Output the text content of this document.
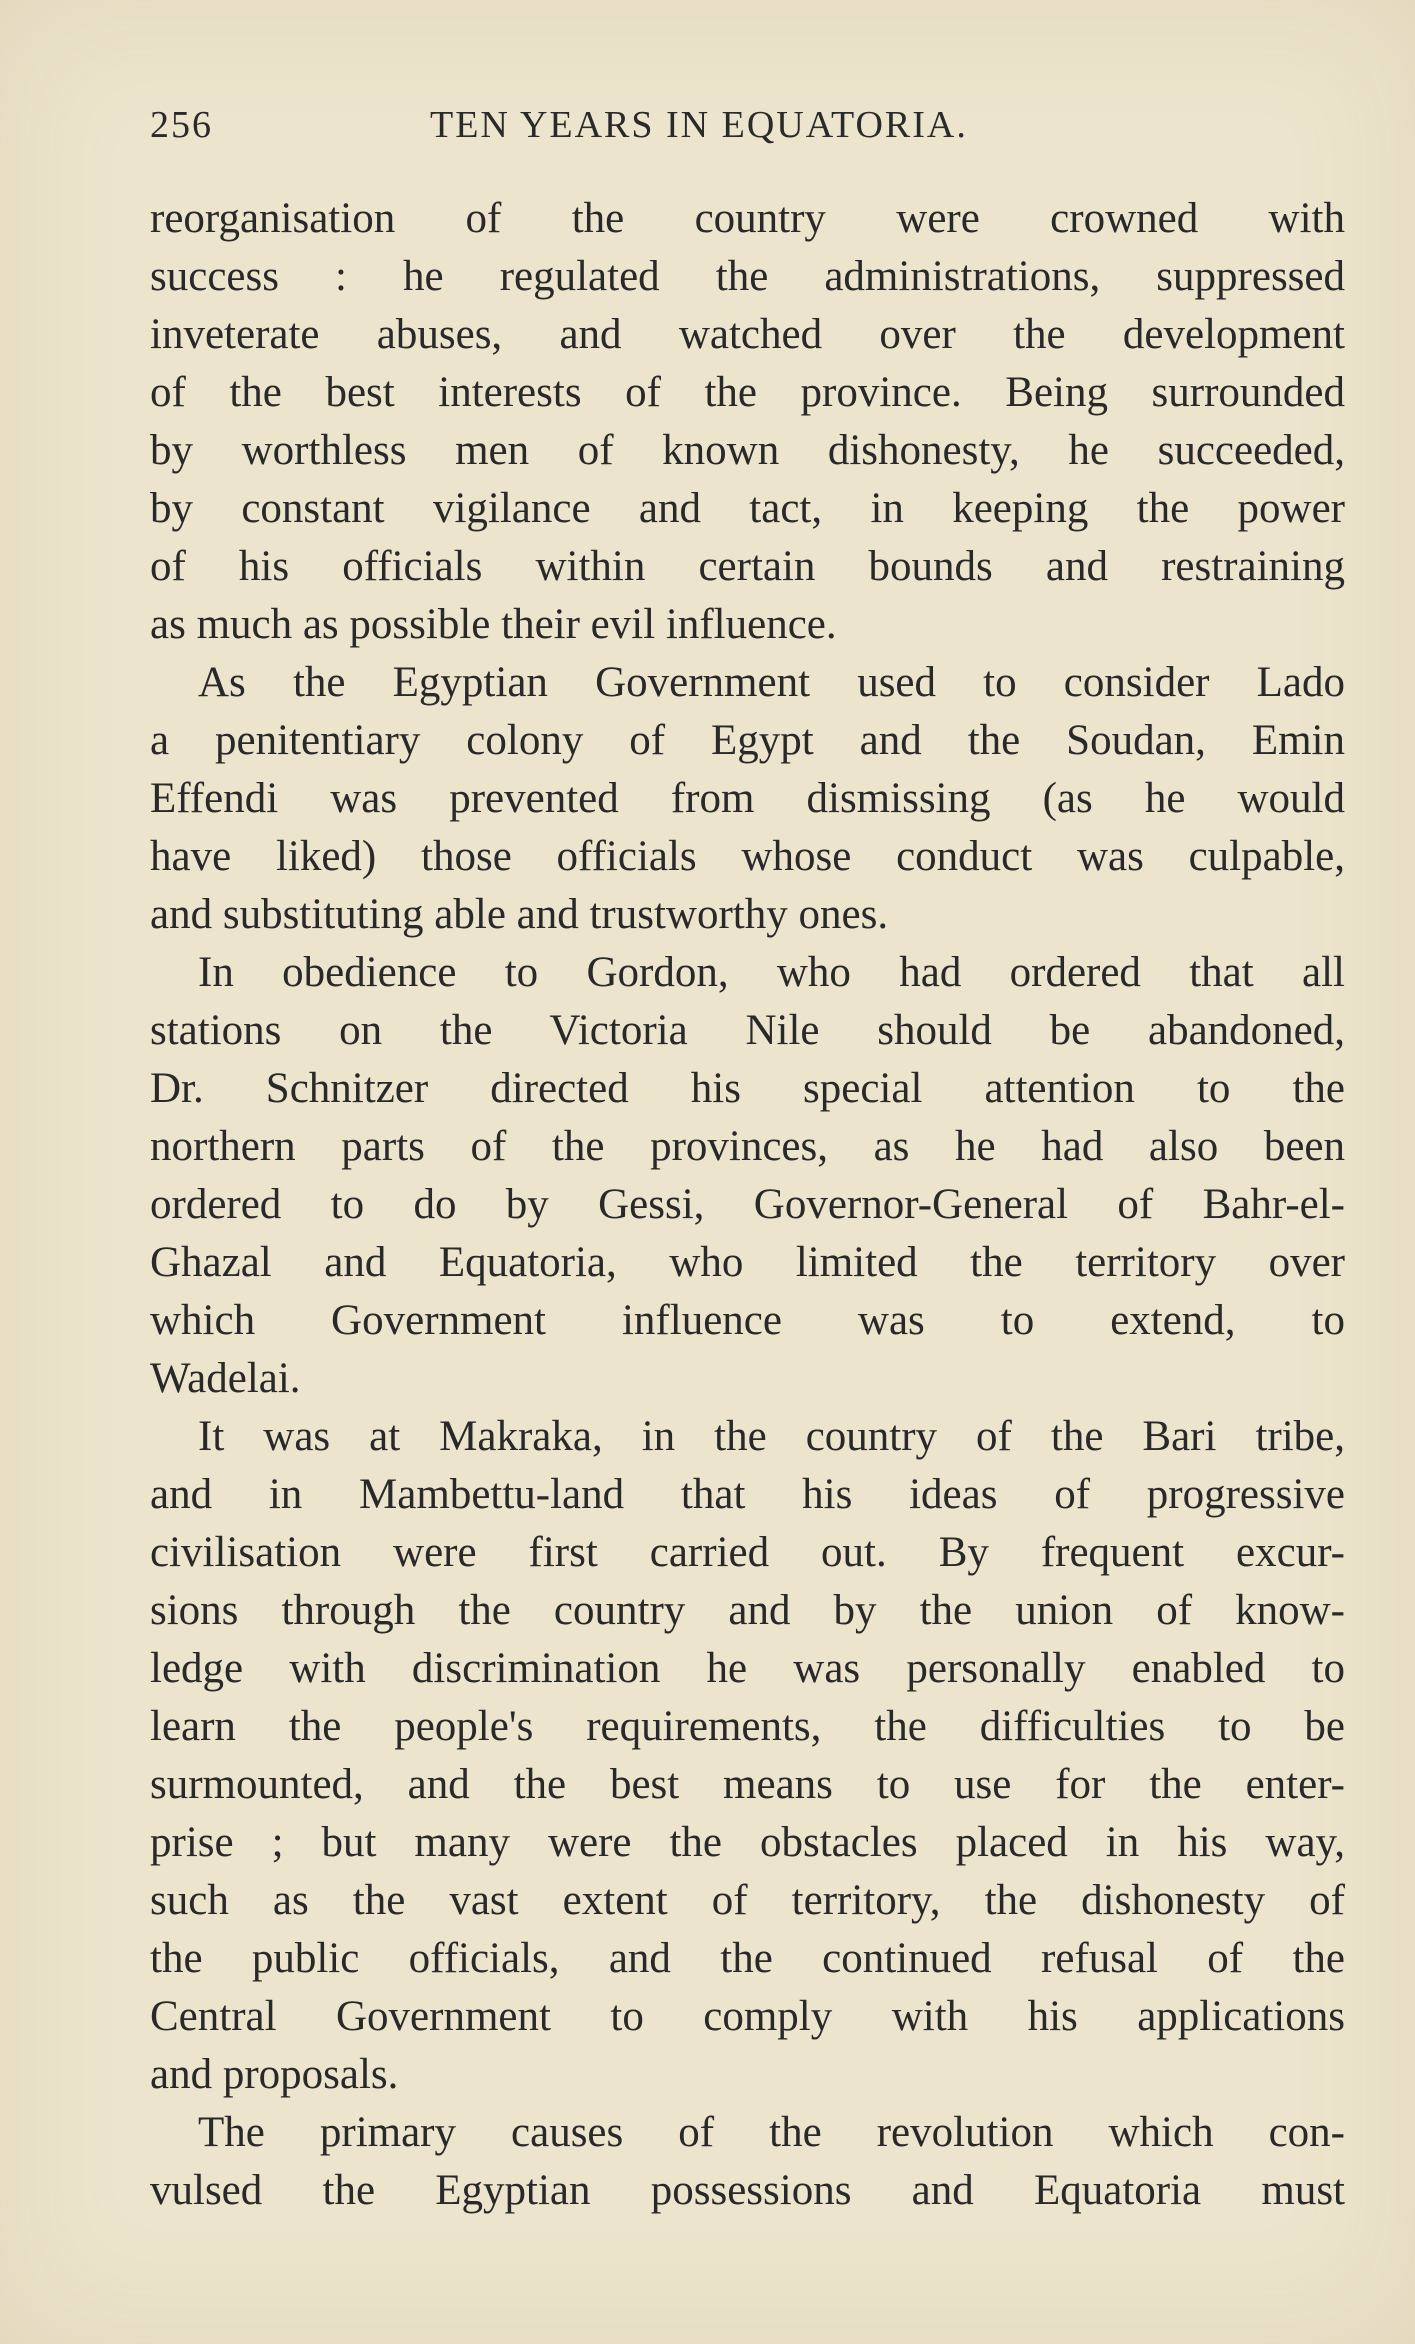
256	TEN YEARS IN EQUATORIA.
reorganisation of the country were crowned with
success : he regulated the administrations, suppressed
inveterate abuses, and watched over the development
of the best interests of the province. Being surrounded
by worthless men of known dishonesty, he succeeded,
by constant vigilance and tact, in keeping the power
of his officials within certain bounds and restraining
as much as possible their evil influence.
As the Egyptian Government used to consider Lado
a penitentiary colony of Egypt and the Soudan, Emin
Effendi was prevented from dismissing (as he would
have liked) those officials whose conduct was culpable,
and substituting able and trustworthy ones.
In obedience to Gordon, who had ordered that all
stations on the Victoria Nile should be abandoned,
Dr. Schnitzer directed his special attention to the
northern parts of the provinces, as he had also been
ordered to do by Gessi, Governor-General of Bahr-el-
Ghazal and Equatoria, who limited the territory over
which Government influence was to extend, to
Wadelai.
It was at Makraka, in the country of the Bari tribe,
and in Mambettu-land that his ideas of progressive
civilisation were first carried out. By frequent excur-
sions through the country and by the union of know-
ledge with discrimination he was personally enabled to
learn the people's requirements, the difficulties to be
surmounted, and the best means to use for the enter-
prise ; but many were the obstacles placed in his way,
such as the vast extent of territory, the dishonesty of
the public officials, and the continued refusal of the
Central Government to comply with his applications
and proposals.
The primary causes of the revolution which con-
vulsed the Egyptian possessions and Equatoria must
